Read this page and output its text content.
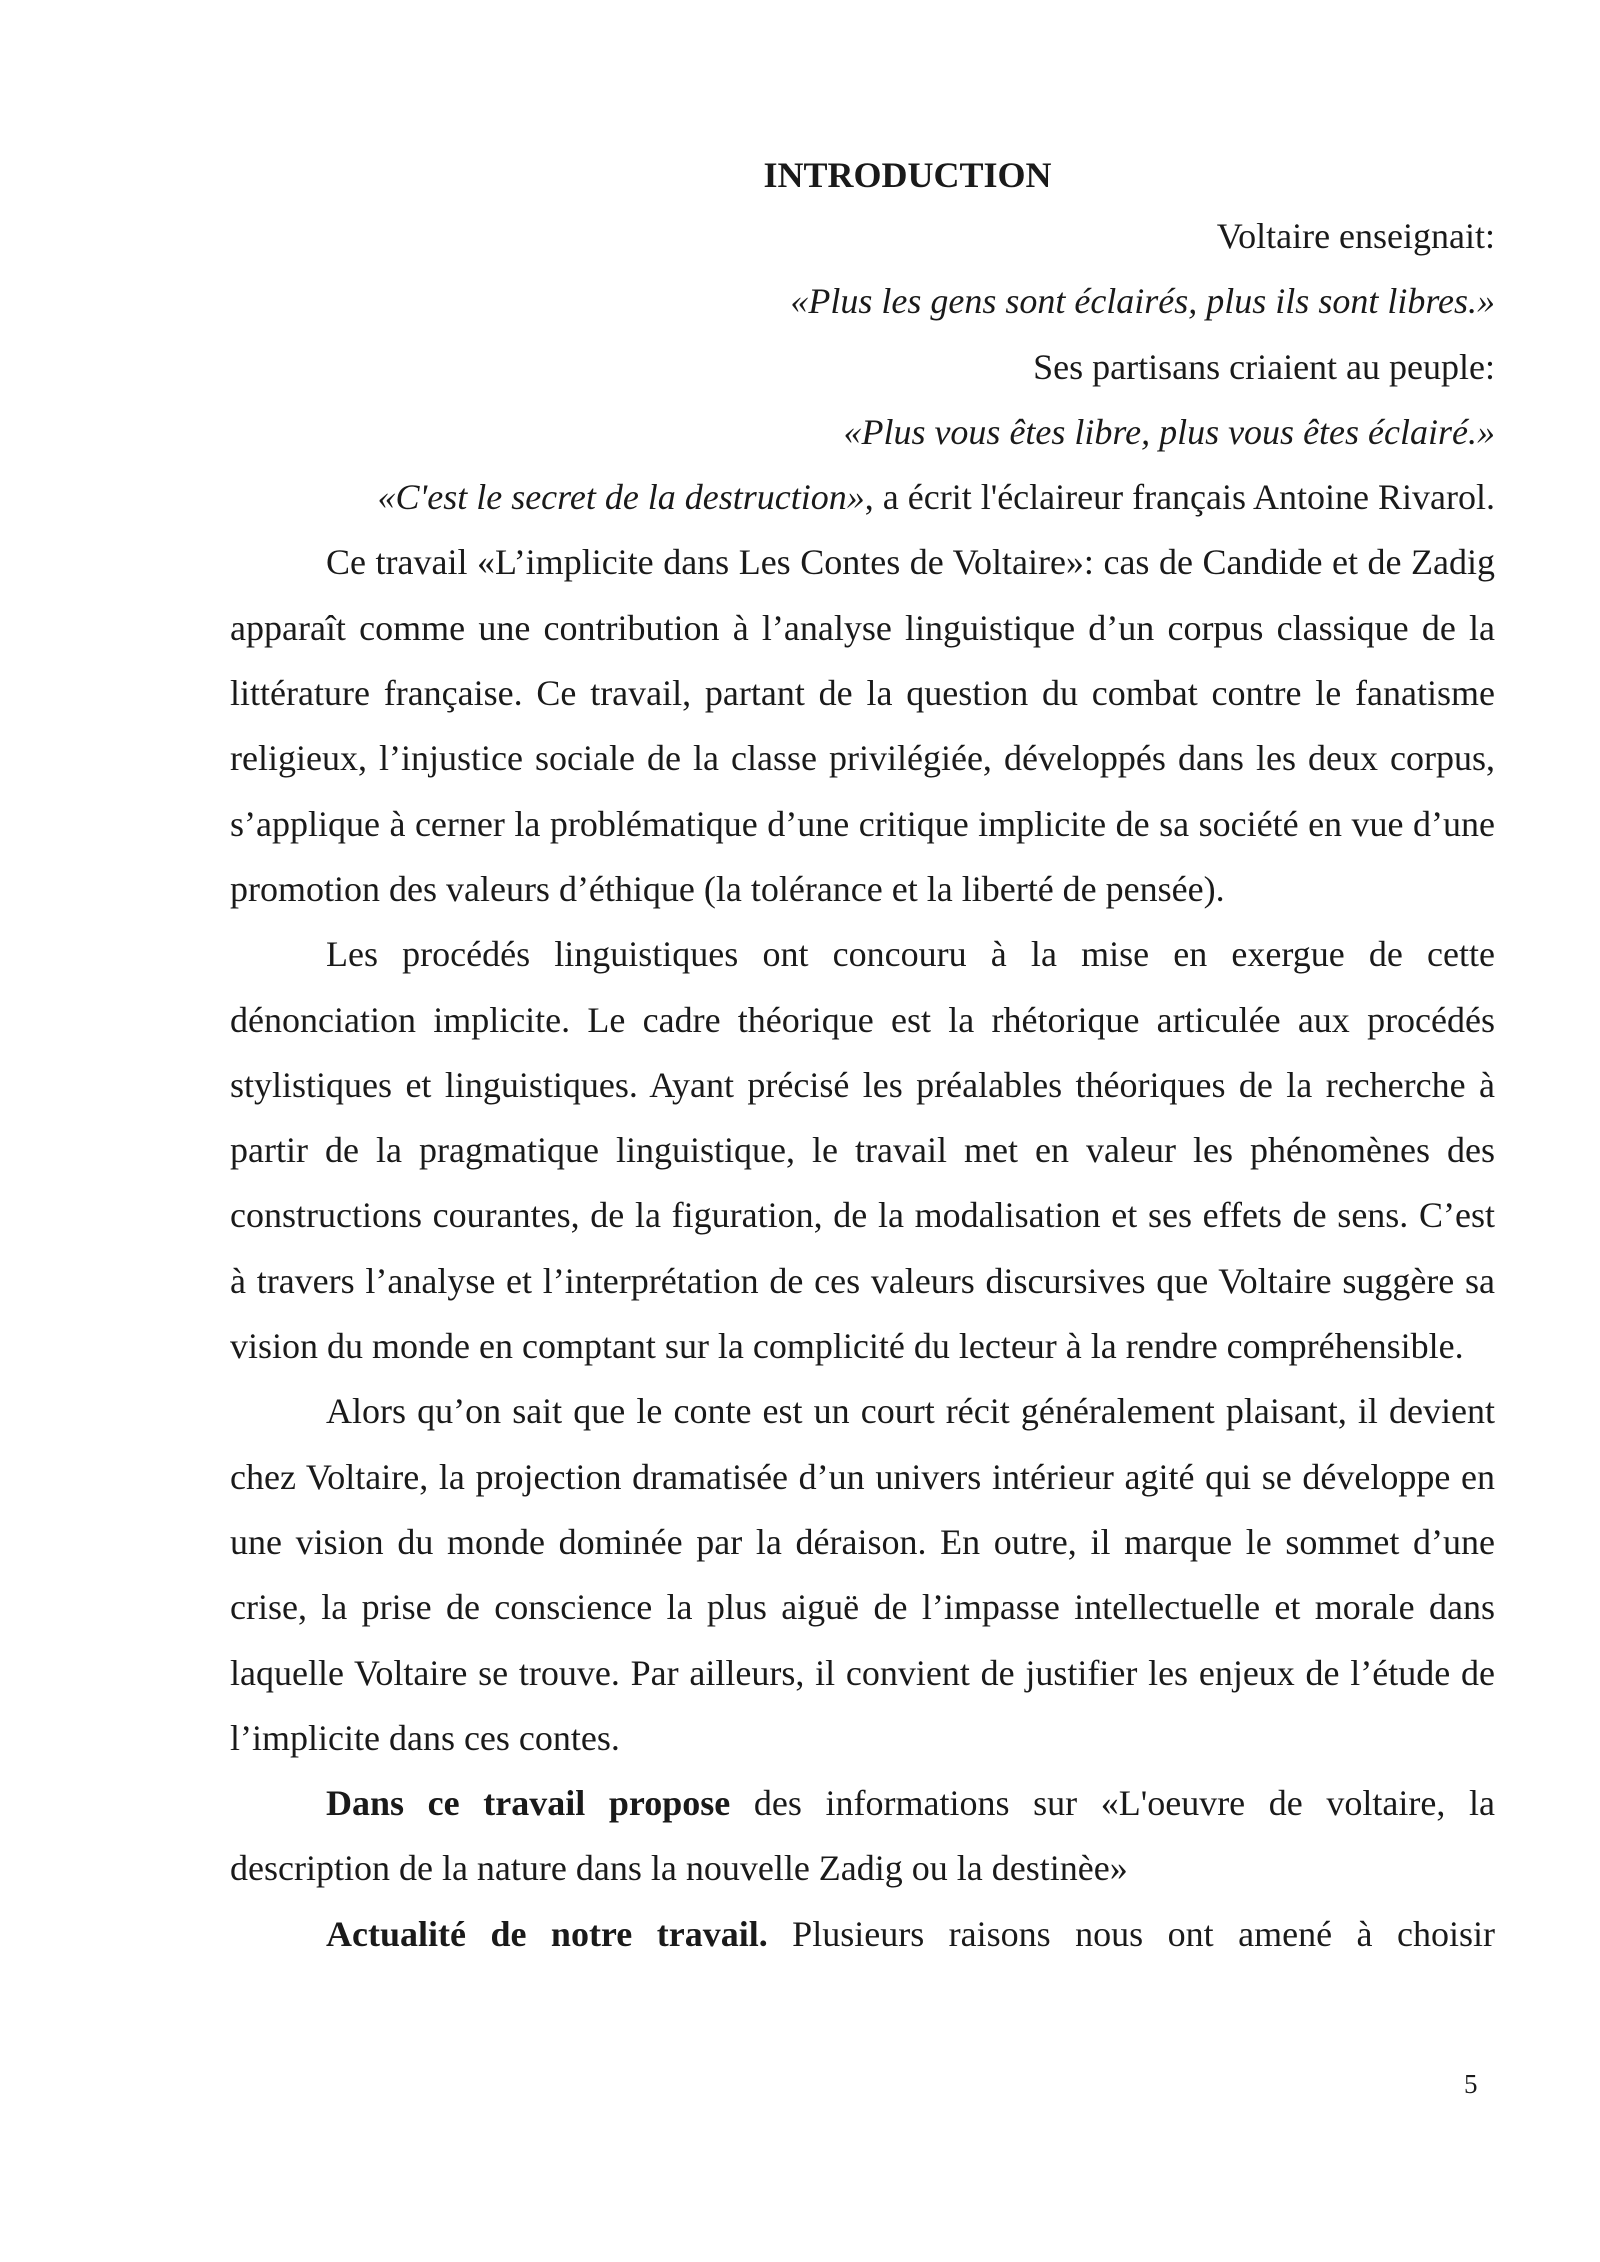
INTRODUCTION

Voltaire enseignait:

«Plus les gens sont éclairés, plus ils sont libres.»

Ses partisans criaient au peuple:

«Plus vous êtes libre, plus vous êtes éclairé.»

«C'est le secret de la destruction», a écrit l'éclaireur français Antoine Rivarol.

Ce travail «L’implicite dans Les Contes de Voltaire»: cas de Candide et de Zadig apparaît comme une contribution à l’analyse linguistique d’un corpus classique de la littérature française. Ce travail, partant de la question du combat contre le fanatisme religieux, l’injustice sociale de la classe privilégiée, développés dans les deux corpus, s’applique à cerner la problématique d’une critique implicite de sa société en vue d’une promotion des valeurs d’éthique (la tolérance et la liberté de pensée).

Les procédés linguistiques ont concouru à la mise en exergue de cette dénonciation implicite. Le cadre théorique est la rhétorique articulée aux procédés stylistiques et linguistiques. Ayant précisé les préalables théoriques de la recherche à partir de la pragmatique linguistique, le travail met en valeur les phénomènes des constructions courantes, de la figuration, de la modalisation et ses effets de sens. C’est à travers l’analyse et l’interprétation de ces valeurs discursives que Voltaire suggère sa vision du monde en comptant sur la complicité du lecteur à la rendre compréhensible.

Alors qu’on sait que le conte est un court récit généralement plaisant, il devient chez Voltaire, la projection dramatisée d’un univers intérieur agité qui se développe en une vision du monde dominée par la déraison. En outre, il marque le sommet d’une crise, la prise de conscience la plus aiguë de l’impasse intellectuelle et morale dans laquelle Voltaire se trouve. Par ailleurs, il convient de justifier les enjeux de l’étude de l’implicite dans ces contes.

Dans ce travail propose des informations sur «L'oeuvre de voltaire, la description de la nature dans la nouvelle Zadig ou la destinèe»

Actualité de notre travail. Plusieurs raisons nous ont amené à choisir

5
